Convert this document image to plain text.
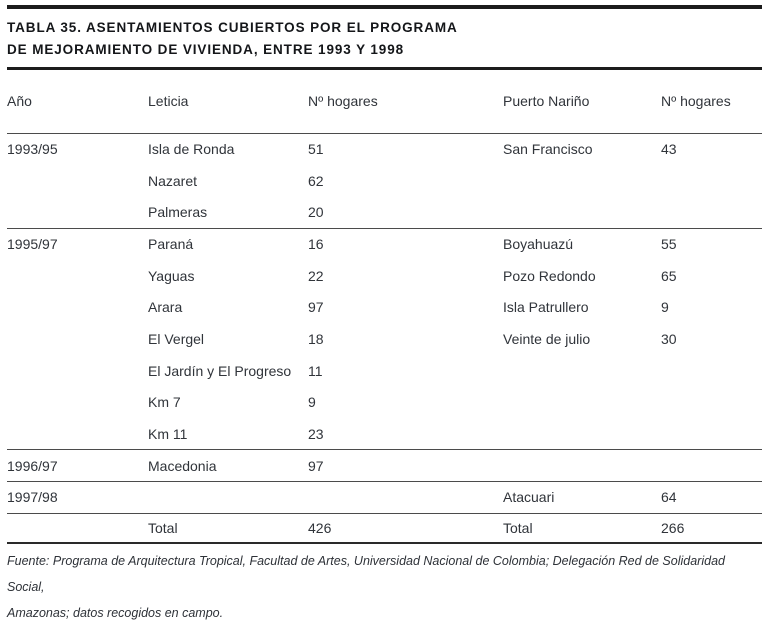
TABLA 35. ASENTAMIENTOS CUBIERTOS POR EL PROGRAMA
DE MEJORAMIENTO DE VIVIENDA, ENTRE 1993 Y 1998
Año	Leticia	Nº hogares		Puerto Nariño	Nº hogares
1993/95	Isla de Ronda	51		San Francisco	43
	Nazaret	62			
	Palmeras	20			
1995/97	Paraná	16		Boyahuazú	55
	Yaguas	22		Pozo Redondo	65
	Arara	97		Isla Patrullero	9
	El Vergel	18		Veinte de julio	30
	El Jardín y El Progreso	11			
	Km 7	9			
	Km 11	23			
1996/97	Macedonia	97			
1997/98				Atacuari	64
	Total	426		Total	266
Fuente: Programa de Arquitectura Tropical, Facultad de Artes, Universidad Nacional de Colombia; Delegación Red de Solidaridad Social,
Amazonas; datos recogidos en campo.
